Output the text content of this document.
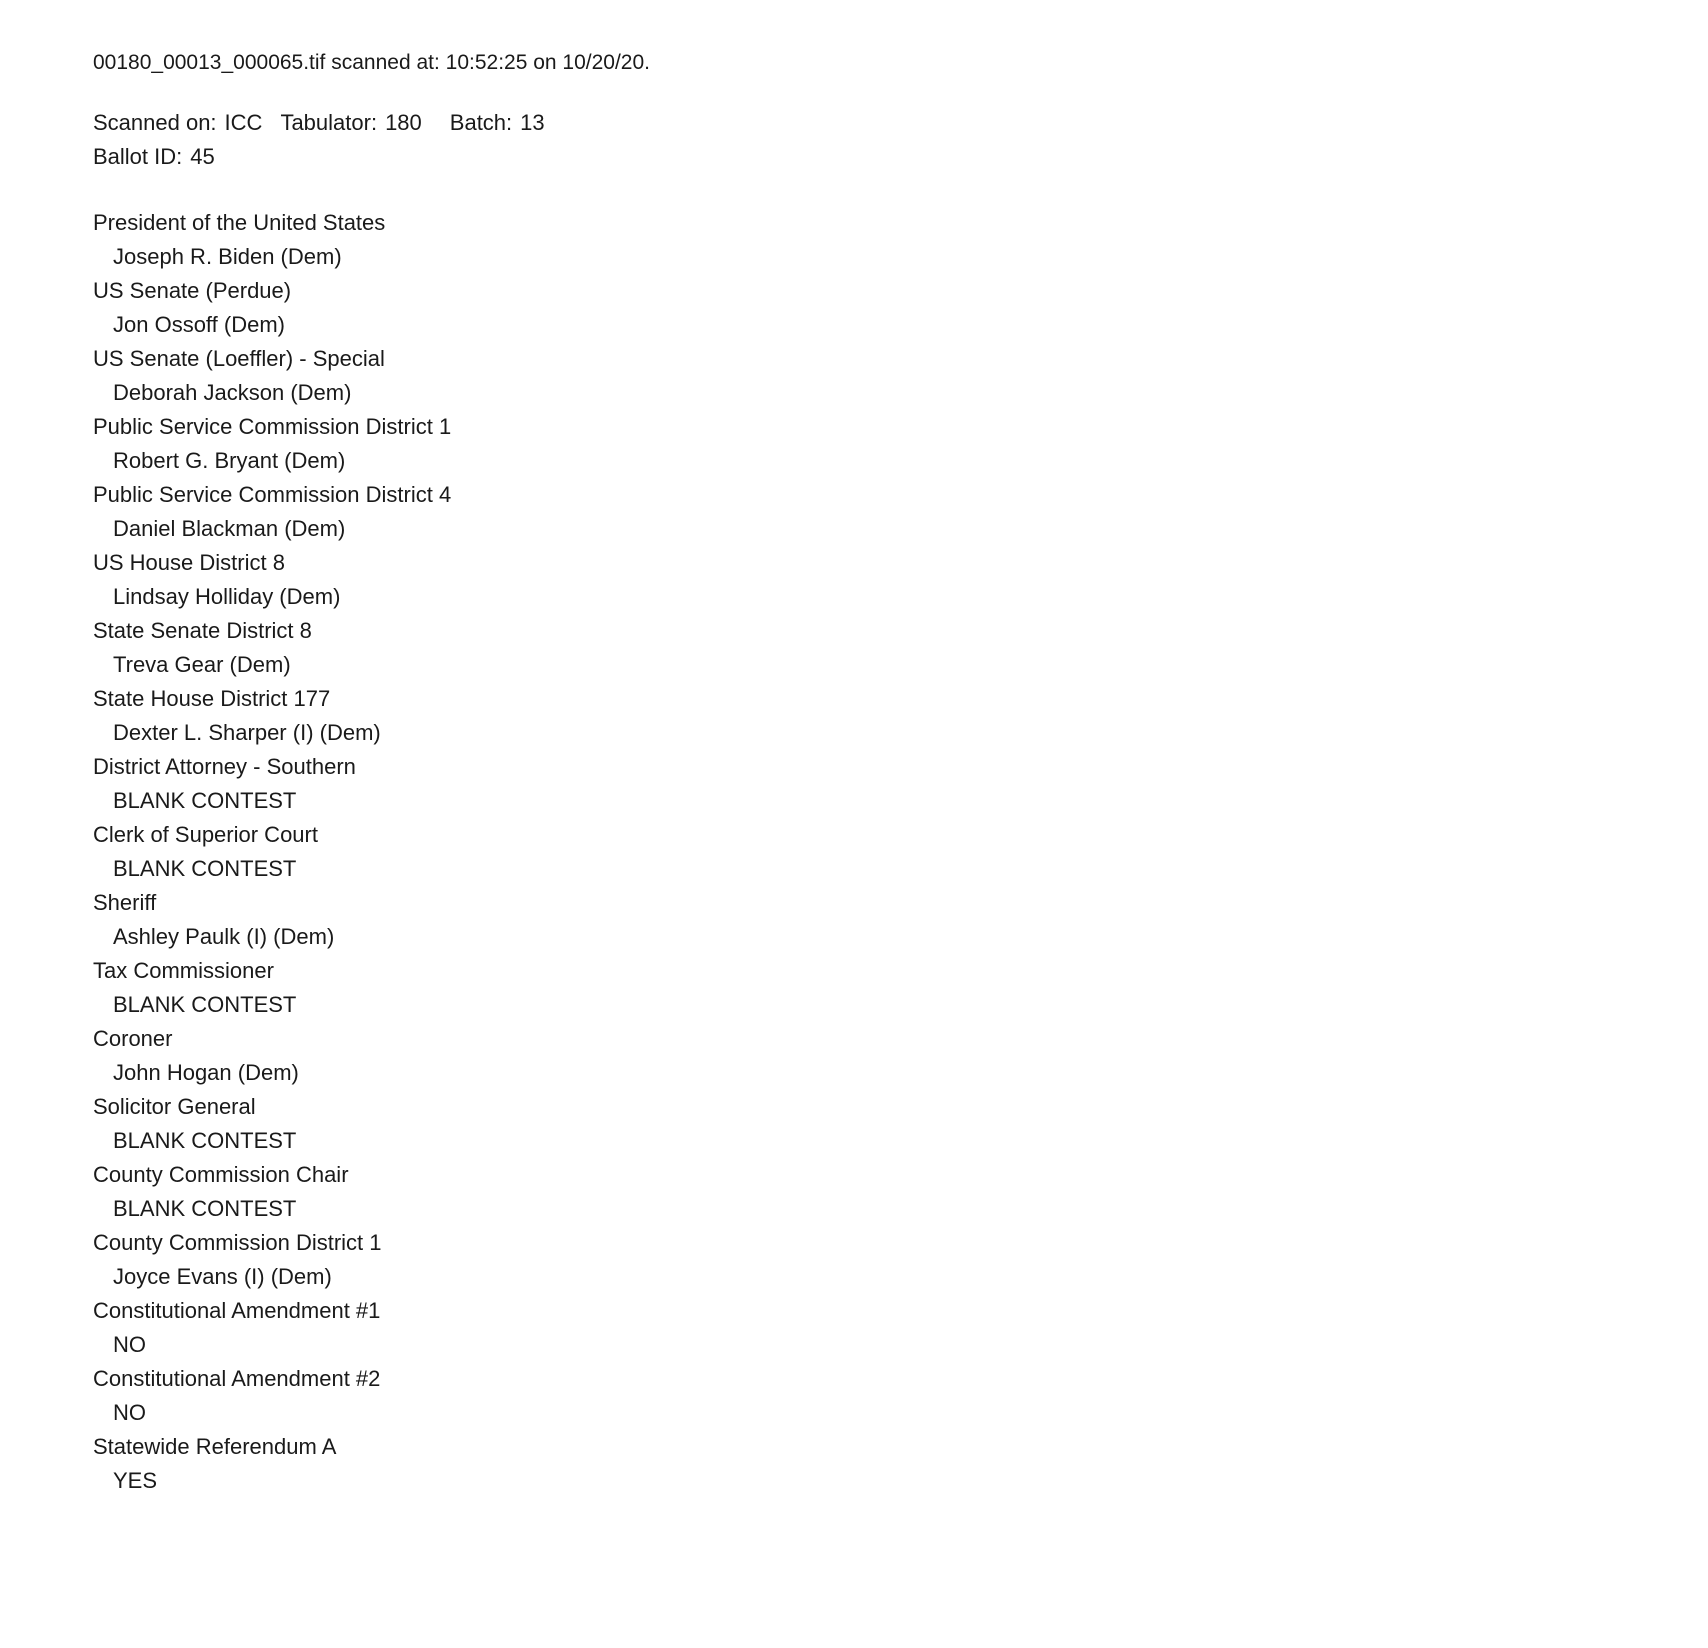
00180_00013_000065.tif scanned at: 10:52:25 on 10/20/20.
Scanned on: ICC Tabulator: 180 Batch: 13
Ballot ID: 45
President of the United States
Joseph R. Biden (Dem)
US Senate (Perdue)
Jon Ossoff (Dem)
US Senate (Loeffler) - Special
Deborah Jackson (Dem)
Public Service Commission District 1
Robert G. Bryant (Dem)
Public Service Commission District 4
Daniel Blackman (Dem)
US House District 8
Lindsay Holliday (Dem)
State Senate District 8
Treva Gear (Dem)
State House District 177
Dexter L. Sharper (I) (Dem)
District Attorney - Southern
BLANK CONTEST
Clerk of Superior Court
BLANK CONTEST
Sheriff
Ashley Paulk (I) (Dem)
Tax Commissioner
BLANK CONTEST
Coroner
John Hogan (Dem)
Solicitor General
BLANK CONTEST
County Commission Chair
BLANK CONTEST
County Commission District 1
Joyce Evans (I) (Dem)
Constitutional Amendment #1
NO
Constitutional Amendment #2
NO
Statewide Referendum A
YES
